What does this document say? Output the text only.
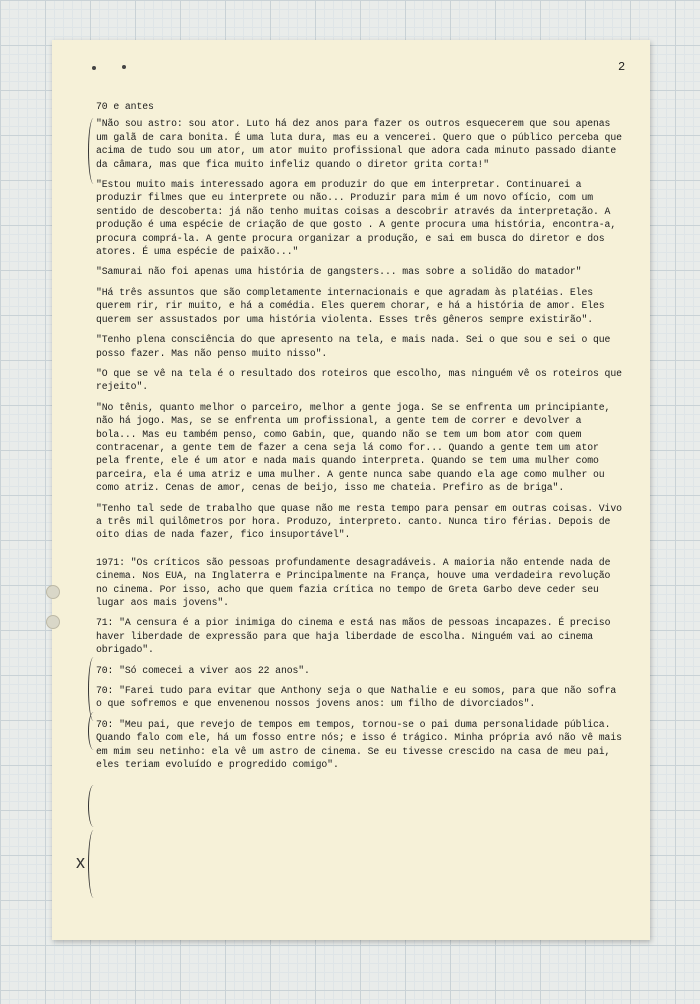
2
x
70 e antes
"Não sou astro: sou ator. Luto há dez anos para fazer os outros esquecerem que sou apenas um galã de cara bonita. É uma luta dura, mas eu a vencerei. Quero que o público perceba que acima de tudo sou um ator, um ator muito profissional que adora cada minuto passado diante da câmara, mas que fica muito infeliz quando o diretor grita corta!"
"Estou muito mais interessado agora em produzir do que em interpretar. Continuarei a produzir filmes que eu interprete ou não... Produzir para mim é um novo ofício, com um sentido de descoberta: já não tenho muitas coisas a descobrir através da interpretação. A produção é uma espécie de criação de que gosto . A gente procura uma história, encontra-a, procura comprá-la. A gente procura organizar a produção, e sai em busca do diretor e dos atores. É uma espécie de paixão..."
"Samurai não foi apenas uma história de gangsters... mas sobre a solidão do matador"
"Há três assuntos que são completamente internacionais e que agradam às platéias. Eles querem rir, rir muito, e há a comédia. Eles querem chorar, e há a história de amor. Eles querem ser assustados por uma história violenta. Esses três gêneros sempre existirão".
"Tenho plena consciência do que apresento na tela, e mais nada. Sei o que sou e sei o que posso fazer. Mas não penso muito nisso".
"O que se vê na tela é o resultado dos roteiros que escolho, mas ninguém vê os roteiros que rejeito".
"No tênis, quanto melhor o parceiro, melhor a gente joga. Se se enfrenta um principiante, não há jogo. Mas, se se enfrenta um profissional, a gente tem de correr e devolver a bola... Mas eu também penso, como Gabin, que, quando não se tem um bom ator com quem contracenar, a gente tem de fazer a cena seja lá como for... Quando a gente tem um ator pela frente, ele é um ator e nada mais quando interpreta. Quando se tem uma mulher como parceira, ela é uma atriz e uma mulher. A gente nunca sabe quando ela age como mulher ou como atriz. Cenas de amor, cenas de beijo, isso me chateia. Prefiro as de briga".
"Tenho tal sede de trabalho que quase não me resta tempo para pensar em outras coisas. Vivo a três mil quilômetros por hora. Produzo, interpreto. canto. Nunca tiro férias. Depois de oito dias de nada fazer, fico insuportável".
1971: "Os críticos são pessoas profundamente desagradáveis. A maioria não entende nada de cinema. Nos EUA, na Inglaterra e Principalmente na França, houve uma verdadeira revolução no cinema. Por isso, acho que quem fazia crítica no tempo de Greta Garbo deve ceder seu lugar aos mais jovens".
71: "A censura é a pior inimiga do cinema e está nas mãos de pessoas incapazes. É preciso haver liberdade de expressão para que haja liberdade de escolha. Ninguém vai ao cinema obrigado".
70: "Só comecei a viver aos 22 anos".
70: "Farei tudo para evitar que Anthony seja o que Nathalie e eu somos, para que não sofra o que sofremos e que envenenou nossos jovens anos: um filho de divorciados".
70: "Meu pai, que revejo de tempos em tempos, tornou-se o pai duma personalidade pública. Quando falo com ele, há um fosso entre nós; e isso é trágico. Minha própria avó não vê mais em mim seu netinho: ela vê um astro de cinema. Se eu tivesse crescido na casa de meu pai, eles teriam evoluído e progredido comigo".
